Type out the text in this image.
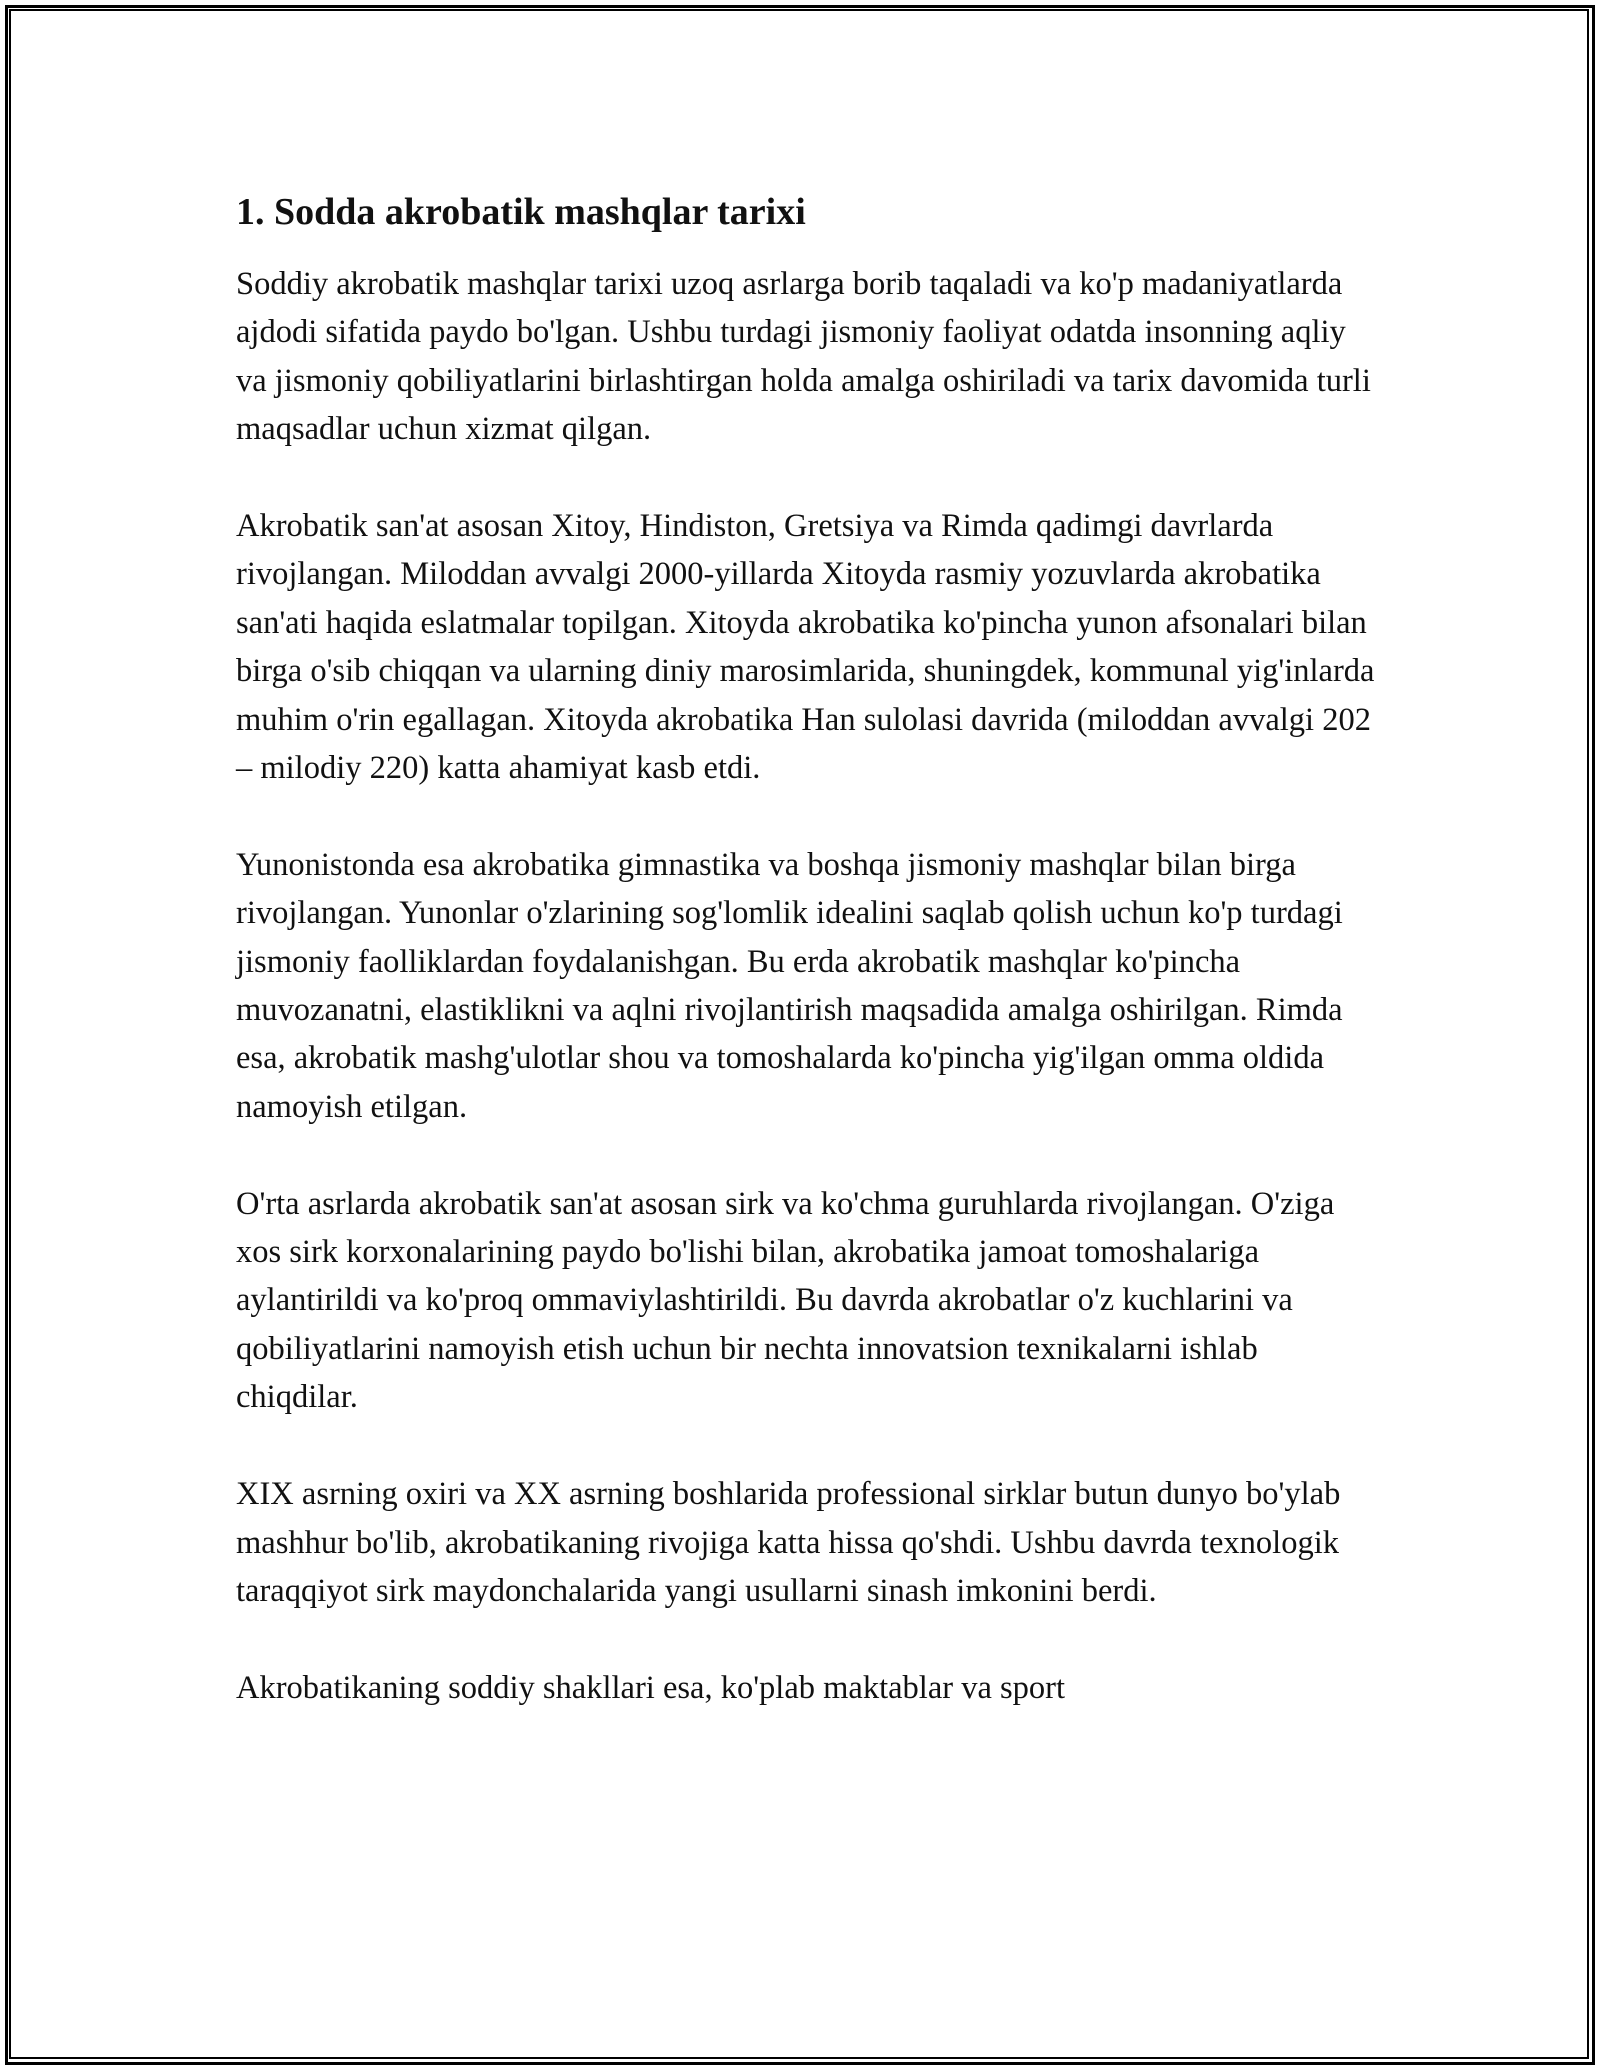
1. Sodda akrobatik mashqlar tarixi

Soddiy akrobatik mashqlar tarixi uzoq asrlarga borib taqaladi va ko'p madaniyatlarda ajdodi sifatida paydo bo'lgan. Ushbu turdagi jismoniy faoliyat odatda insonning aqliy va jismoniy qobiliyatlarini birlashtirgan holda amalga oshiriladi va tarix davomida turli maqsadlar uchun xizmat qilgan.

Akrobatik san'at asosan Xitoy, Hindiston, Gretsiya va Rimda qadimgi davrlarda rivojlangan. Miloddan avvalgi 2000-yillarda Xitoyda rasmiy yozuvlarda akrobatika san'ati haqida eslatmalar topilgan. Xitoyda akrobatika ko'pincha yunon afsonalari bilan birga o'sib chiqqan va ularning diniy marosimlarida, shuningdek, kommunal yig'inlarda muhim o'rin egallagan. Xitoyda akrobatika Han sulolasi davrida (miloddan avvalgi 202 – milodiy 220) katta ahamiyat kasb etdi.

Yunonistonda esa akrobatika gimnastika va boshqa jismoniy mashqlar bilan birga rivojlangan. Yunonlar o'zlarining sog'lomlik idealini saqlab qolish uchun ko'p turdagi jismoniy faolliklardan foydalanishgan. Bu erda akrobatik mashqlar ko'pincha muvozanatni, elastiklikni va aqlni rivojlantirish maqsadida amalga oshirilgan. Rimda esa, akrobatik mashg'ulotlar shou va tomoshalarda ko'pincha yig'ilgan omma oldida namoyish etilgan.

O'rta asrlarda akrobatik san'at asosan sirk va ko'chma guruhlarda rivojlangan. O'ziga xos sirk korxonalarining paydo bo'lishi bilan, akrobatika jamoat tomoshalariga aylantirildi va ko'proq ommaviylashtirildi. Bu davrda akrobatlar o'z kuchlarini va qobiliyatlarini namoyish etish uchun bir nechta innovatsion texnikalarni ishlab chiqdilar.

XIX asrning oxiri va XX asrning boshlarida professional sirklar butun dunyo bo'ylab mashhur bo'lib, akrobatikaning rivojiga katta hissa qo'shdi. Ushbu davrda texnologik taraqqiyot sirk maydonchalarida yangi usullarni sinash imkonini berdi.

Akrobatikaning soddiy shakllari esa, ko'plab maktablar va sport
